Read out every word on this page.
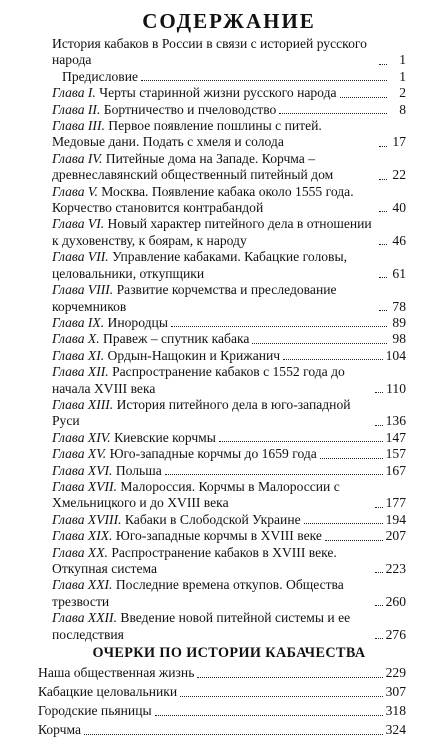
СОДЕРЖАНИЕ
История кабаков в России в связи с историей русского народа	1
Предисловие	1
Глава I. Черты старинной жизни русского народа	2
Глава II. Бортничество и пчеловодство	8
Глава III. Первое появление пошлины с питей. Медовые дани. Подать с хмеля и солода	17
Глава IV. Питейные дома на Западе. Корчма – древнеславянский общественный питейный дом	22
Глава V. Москва. Появление кабака около 1555 года. Корчество становится контрабандой	40
Глава VI. Новый характер питейного дела в отношении к духовенству, к боярам, к народу	46
Глава VII. Управление кабаками. Кабацкие головы, целовальники, откупщики	61
Глава VIII. Развитие корчемства и преследование корчемников	78
Глава IX. Инородцы	89
Глава X. Правеж – спутник кабака	98
Глава XI. Ордын-Нащокин и Крижанич	104
Глава XII. Распространение кабаков с 1552 года до начала XVIII века	110
Глава XIII. История питейного дела в юго-западной Руси	136
Глава XIV. Киевские корчмы	147
Глава XV. Юго-западные корчмы до 1659 года	157
Глава XVI. Польша	167
Глава XVII. Малороссия. Корчмы в Малороссии с Хмельницкого и до XVIII века	177
Глава XVIII. Кабаки в Слободской Украине	194
Глава XIX. Юго-западные корчмы в XVIII веке	207
Глава XX. Распространение кабаков в XVIII веке. Откупная система	223
Глава XXI. Последние времена откупов. Общества трезвости	260
Глава XXII. Введение новой питейной системы и ее последствия	276
ОЧЕРКИ ПО ИСТОРИИ КАБАЧЕСТВА
Наша общественная жизнь	229
Кабацкие целовальники	307
Городские пьяницы	318
Корчма	324
